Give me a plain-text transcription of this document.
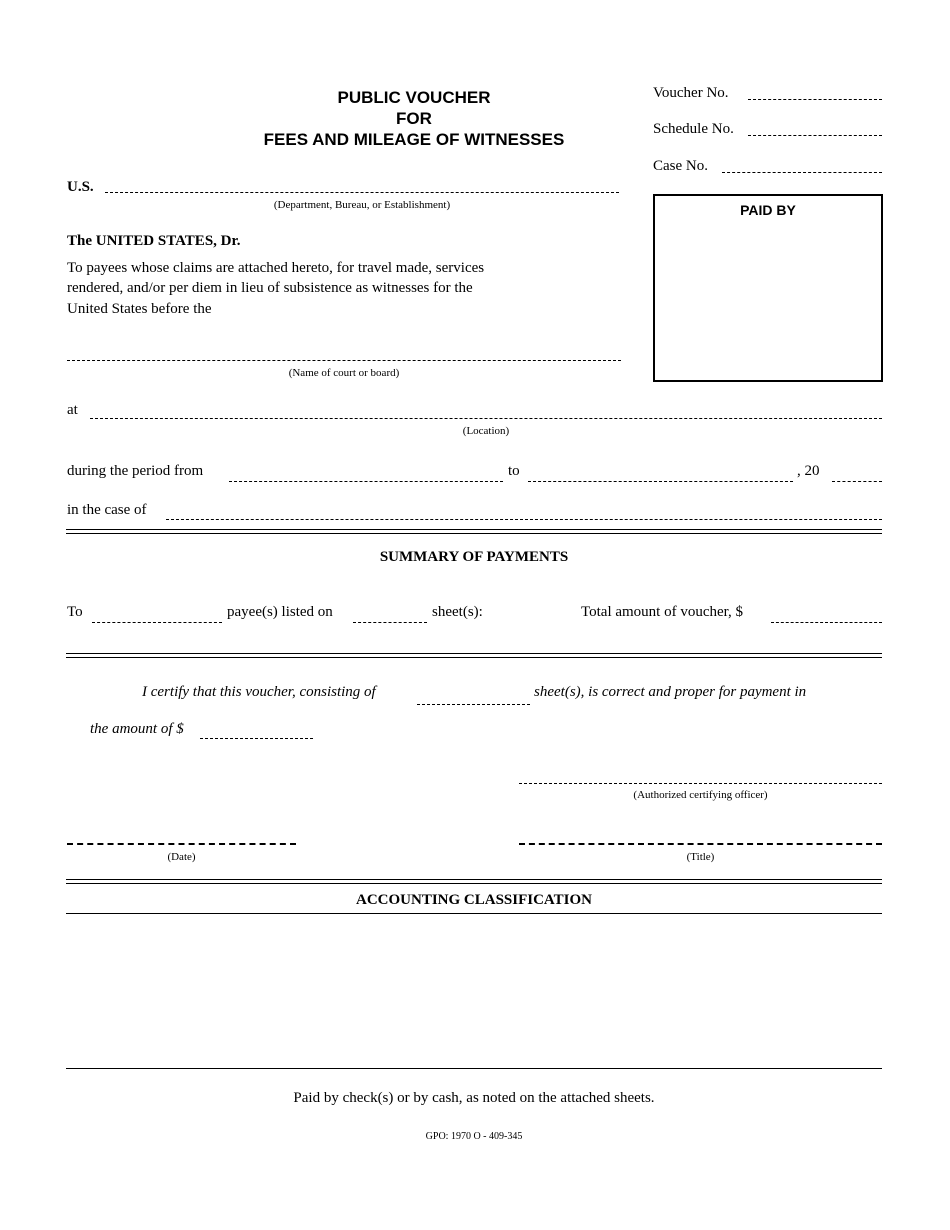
PUBLIC VOUCHER
FOR
FEES AND MILEAGE OF WITNESSES
Voucher No.
Schedule No.
Case No.
PAID BY
U.S.
(Department, Bureau, or Establishment)
The UNITED STATES, Dr.
To payees whose claims are attached hereto, for travel made, services
rendered, and/or per diem in lieu of subsistence as witnesses for the
United States before the
(Name of court or board)
at
(Location)
during the period from	to	, 20
in the case of
SUMMARY OF PAYMENTS
To	payee(s) listed on	sheet(s):	Total amount of voucher, $
I certify that this voucher, consisting of	sheet(s), is correct and proper for payment in
the amount of $
(Authorized certifying officer)
(Date)	(Title)
ACCOUNTING CLASSIFICATION
Paid by check(s) or by cash, as noted on the attached sheets.
GPO: 1970 O - 409-345
